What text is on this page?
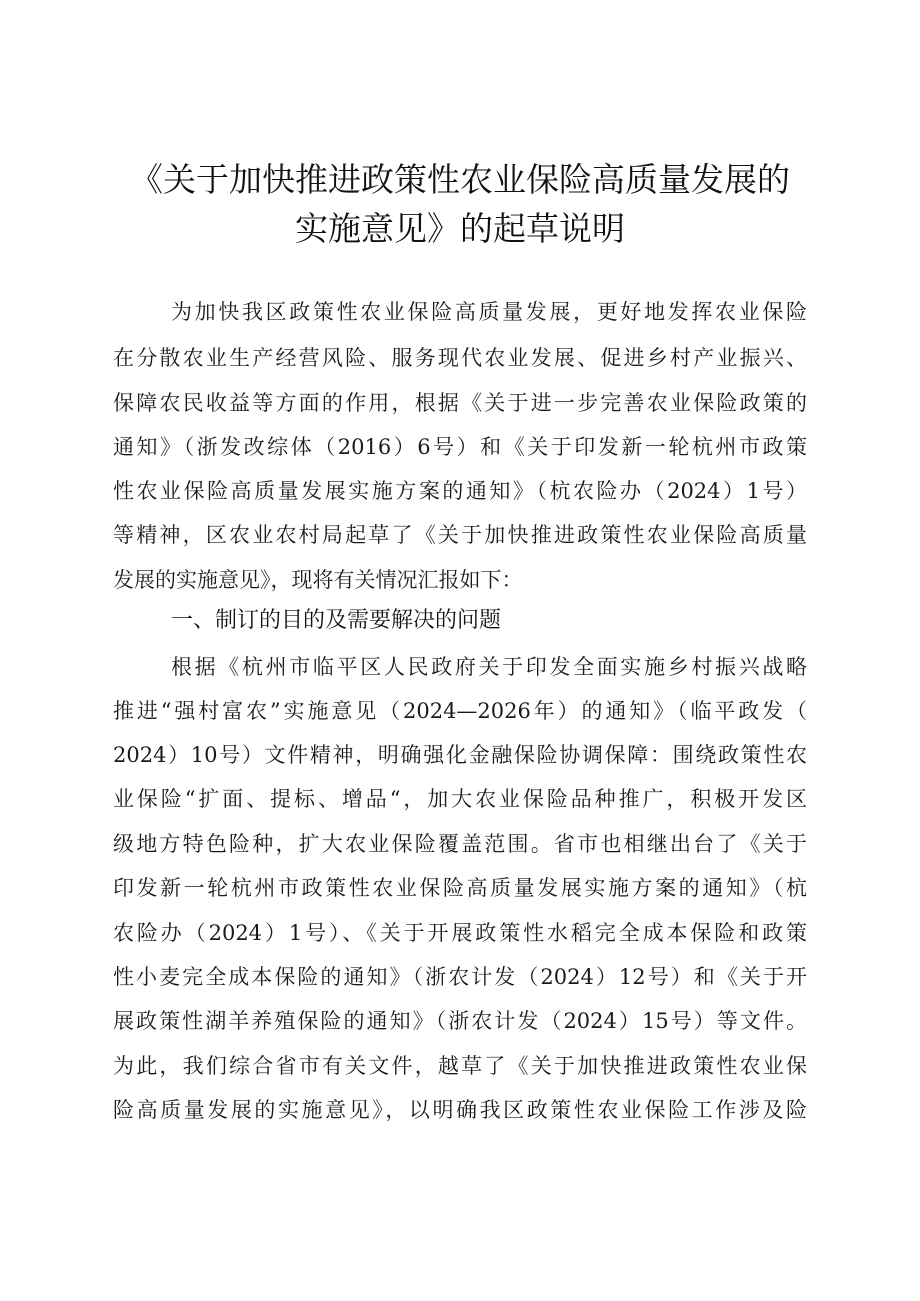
《关于加快推进政策性农业保险高质量发展的
实施意见》的起草说明
为加快我区政策性农业保险高质量发展，更好地发挥农业保险
在分散农业生产经营风险、服务现代农业发展、促进乡村产业振兴、
保障农民收益等方面的作用，根据《关于进一步完善农业保险政策的
通知》（浙发改综体（2016）6号）和《关于印发新一轮杭州市政策
性农业保险高质量发展实施方案的通知》（杭农险办（2024）1号）
等精神，区农业农村局起草了《关于加快推进政策性农业保险高质量
发展的实施意见》，现将有关情况汇报如下：
一、制订的目的及需要解决的问题
根据《杭州市临平区人民政府关于印发全面实施乡村振兴战略
推进“强村富农”实施意见（2024—2026年）的通知》（临平政发（
2024）10号）文件精神，明确强化金融保险协调保障：围绕政策性农
业保险“扩面、提标、增品“，加大农业保险品种推广，积极开发区
级地方特色险种，扩大农业保险覆盖范围。省市也相继出台了《关于
印发新一轮杭州市政策性农业保险高质量发展实施方案的通知》（杭
农险办（2024）1号）、《关于开展政策性水稻完全成本保险和政策
性小麦完全成本保险的通知》（浙农计发（2024）12号）和《关于开
展政策性湖羊养殖保险的通知》（浙农计发（2024）15号）等文件。
为此，我们综合省市有关文件，越草了《关于加快推进政策性农业保
险高质量发展的实施意见》，以明确我区政策性农业保险工作涉及险
